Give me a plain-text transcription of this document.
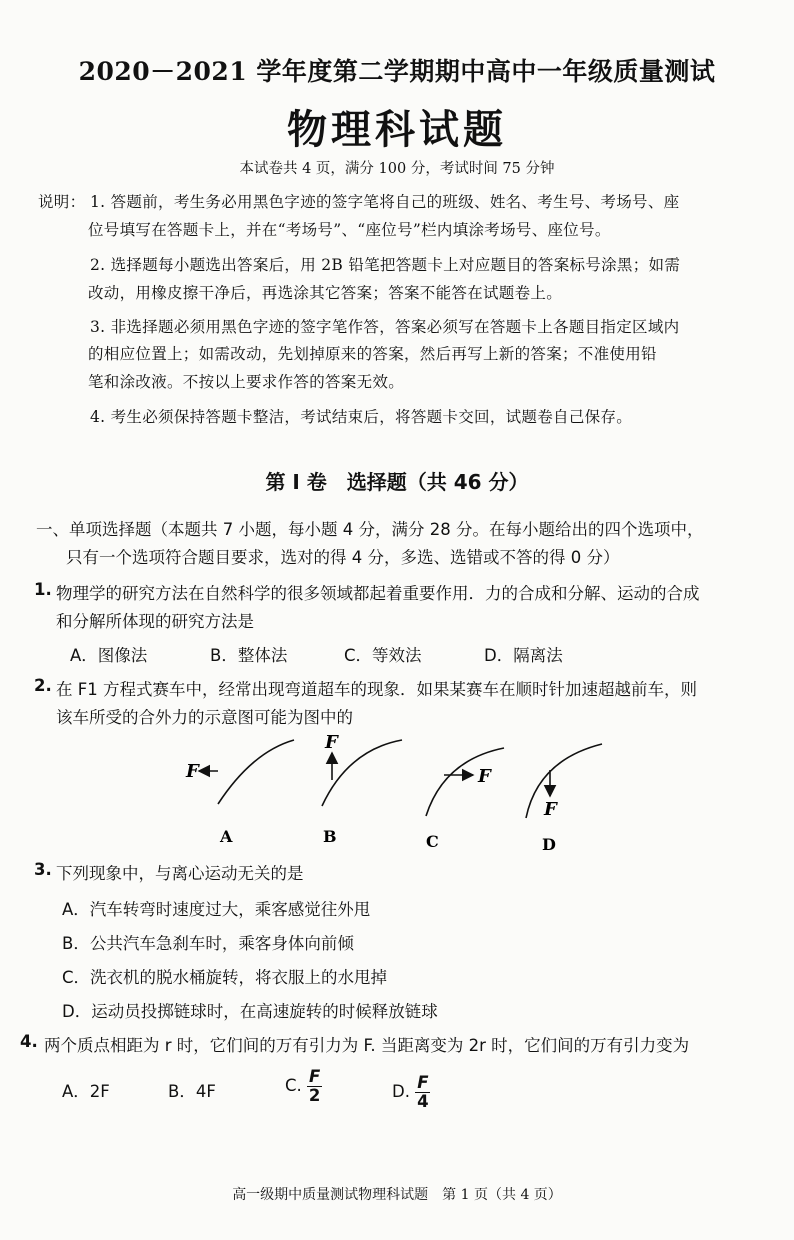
2020－2021 学年度第二学期期中高中一年级质量测试
物理科试题
本试卷共 4 页，满分 100 分，考试时间 75 分钟
说明： 1. 答题前，考生务必用黑色字迹的签字笔将自己的班级、姓名、考生号、考场号、座
位号填写在答题卡上，并在“考场号”、“座位号”栏内填涂考场号、座位号。
2. 选择题每小题选出答案后，用 2B 铅笔把答题卡上对应题目的答案标号涂黑；如需
改动，用橡皮擦干净后，再选涂其它答案；答案不能答在试题卷上。
3. 非选择题必须用黑色字迹的签字笔作答，答案必须写在答题卡上各题目指定区域内
的相应位置上；如需改动，先划掉原来的答案，然后再写上新的答案；不准使用铅
笔和涂改液。不按以上要求作答的答案无效。
4. 考生必须保持答题卡整洁，考试结束后，将答题卡交回，试题卷自己保存。
第 I 卷　选择题（共 46 分）
一、单项选择题（本题共 7 小题，每小题 4 分，满分 28 分。在每小题给出的四个选项中，
只有一个选项符合题目要求，选对的得 4 分，多选、选错或不答的得 0 分）
1. 物理学的研究方法在自然科学的很多领域都起着重要作用．力的合成和分解、运动的合成
和分解所体现的研究方法是
A．图像法	B．整体法	C．等效法	D．隔离法
2. 在 F1 方程式赛车中，经常出现弯道超车的现象．如果某赛车在顺时针加速超越前车，则
该车所受的合外力的示意图可能为图中的
F
A
F
B
F
C
F
D
3. 下列现象中，与离心运动无关的是
A．汽车转弯时速度过大，乘客感觉往外甩
B．公共汽车急刹车时，乘客身体向前倾
C．洗衣机的脱水桶旋转，将衣服上的水甩掉
D．运动员投掷链球时，在高速旋转的时候释放链球
4. 两个质点相距为 r 时，它们间的万有引力为 F. 当距离变为 2r 时，它们间的万有引力变为
A．2F	B．4F	C. $\frac{F}{2}$	D. $\frac{F}{4}$
高一级期中质量测试物理科试题　第 1 页（共 4 页）
